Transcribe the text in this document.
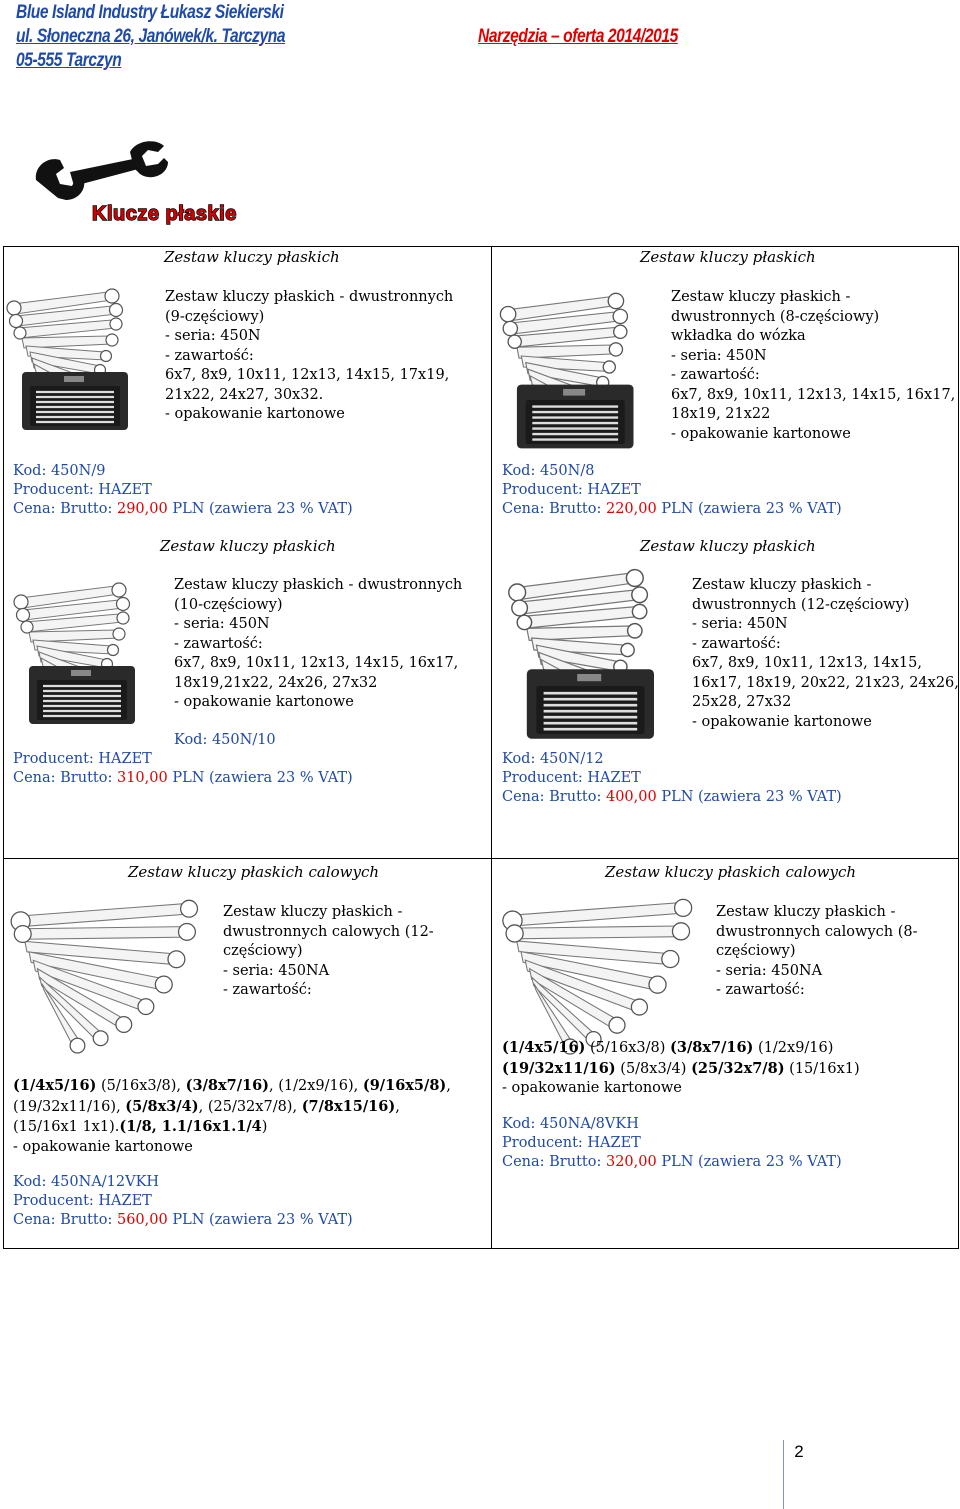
Blue Island Industry Łukasz Siekierski
ul. Słoneczna 26, Janówek/k. Tarczyna
05-555 Tarczyn
Narzędzia – oferta 2014/2015
Klucze płaskie
Zestaw kluczy płaskich
Zestaw kluczy płaskich - dwustronnych
(9-częściowy)
- seria: 450N
- zawartość:
6x7, 8x9, 10x11, 12x13, 14x15, 17x19,
21x22, 24x27, 30x32.
- opakowanie kartonowe
Kod: 450N/9
Producent: HAZET
Cena: Brutto: 290,00 PLN (zawiera 23 % VAT)
Zestaw kluczy płaskich
Zestaw kluczy płaskich -
dwustronnych (8-częściowy)
wkładka do wózka
- seria: 450N
- zawartość:
6x7, 8x9, 10x11, 12x13, 14x15, 16x17,
18x19, 21x22
- opakowanie kartonowe
Kod: 450N/8
Producent: HAZET
Cena: Brutto: 220,00 PLN (zawiera 23 % VAT)
Zestaw kluczy płaskich
Zestaw kluczy płaskich - dwustronnych
(10-częściowy)
- seria: 450N
- zawartość:
6x7, 8x9, 10x11, 12x13, 14x15, 16x17,
18x19,21x22, 24x26, 27x32
- opakowanie kartonowe
Kod: 450N/10
Producent: HAZET
Cena: Brutto: 310,00 PLN (zawiera 23 % VAT)
Zestaw kluczy płaskich
Zestaw kluczy płaskich -
dwustronnych (12-częściowy)
- seria: 450N
- zawartość:
6x7, 8x9, 10x11, 12x13, 14x15,
16x17, 18x19, 20x22, 21x23, 24x26,
25x28, 27x32
- opakowanie kartonowe
Kod: 450N/12
Producent: HAZET
Cena: Brutto: 400,00 PLN (zawiera 23 % VAT)
Zestaw kluczy płaskich calowych
Zestaw kluczy płaskich -
dwustronnych calowych (12-
częściowy)
- seria: 450NA
- zawartość:
(1/4x5/16) (5/16x3/8), (3/8x7/16), (1/2x9/16), (9/16x5/8),
(19/32x11/16), (5/8x3/4), (25/32x7/8), (7/8x15/16),
(15/16x1 1x1).(1/8, 1.1/16x1.1/4)
- opakowanie kartonowe
Kod: 450NA/12VKH
Producent: HAZET
Cena: Brutto: 560,00 PLN (zawiera 23 % VAT)
Zestaw kluczy płaskich calowych
Zestaw kluczy płaskich -
dwustronnych calowych (8-
częściowy)
- seria: 450NA
- zawartość:
(1/4x5/16) (5/16x3/8) (3/8x7/16) (1/2x9/16)
(19/32x11/16) (5/8x3/4) (25/32x7/8) (15/16x1)
- opakowanie kartonowe
Kod: 450NA/8VKH
Producent: HAZET
Cena: Brutto: 320,00 PLN (zawiera 23 % VAT)
2
